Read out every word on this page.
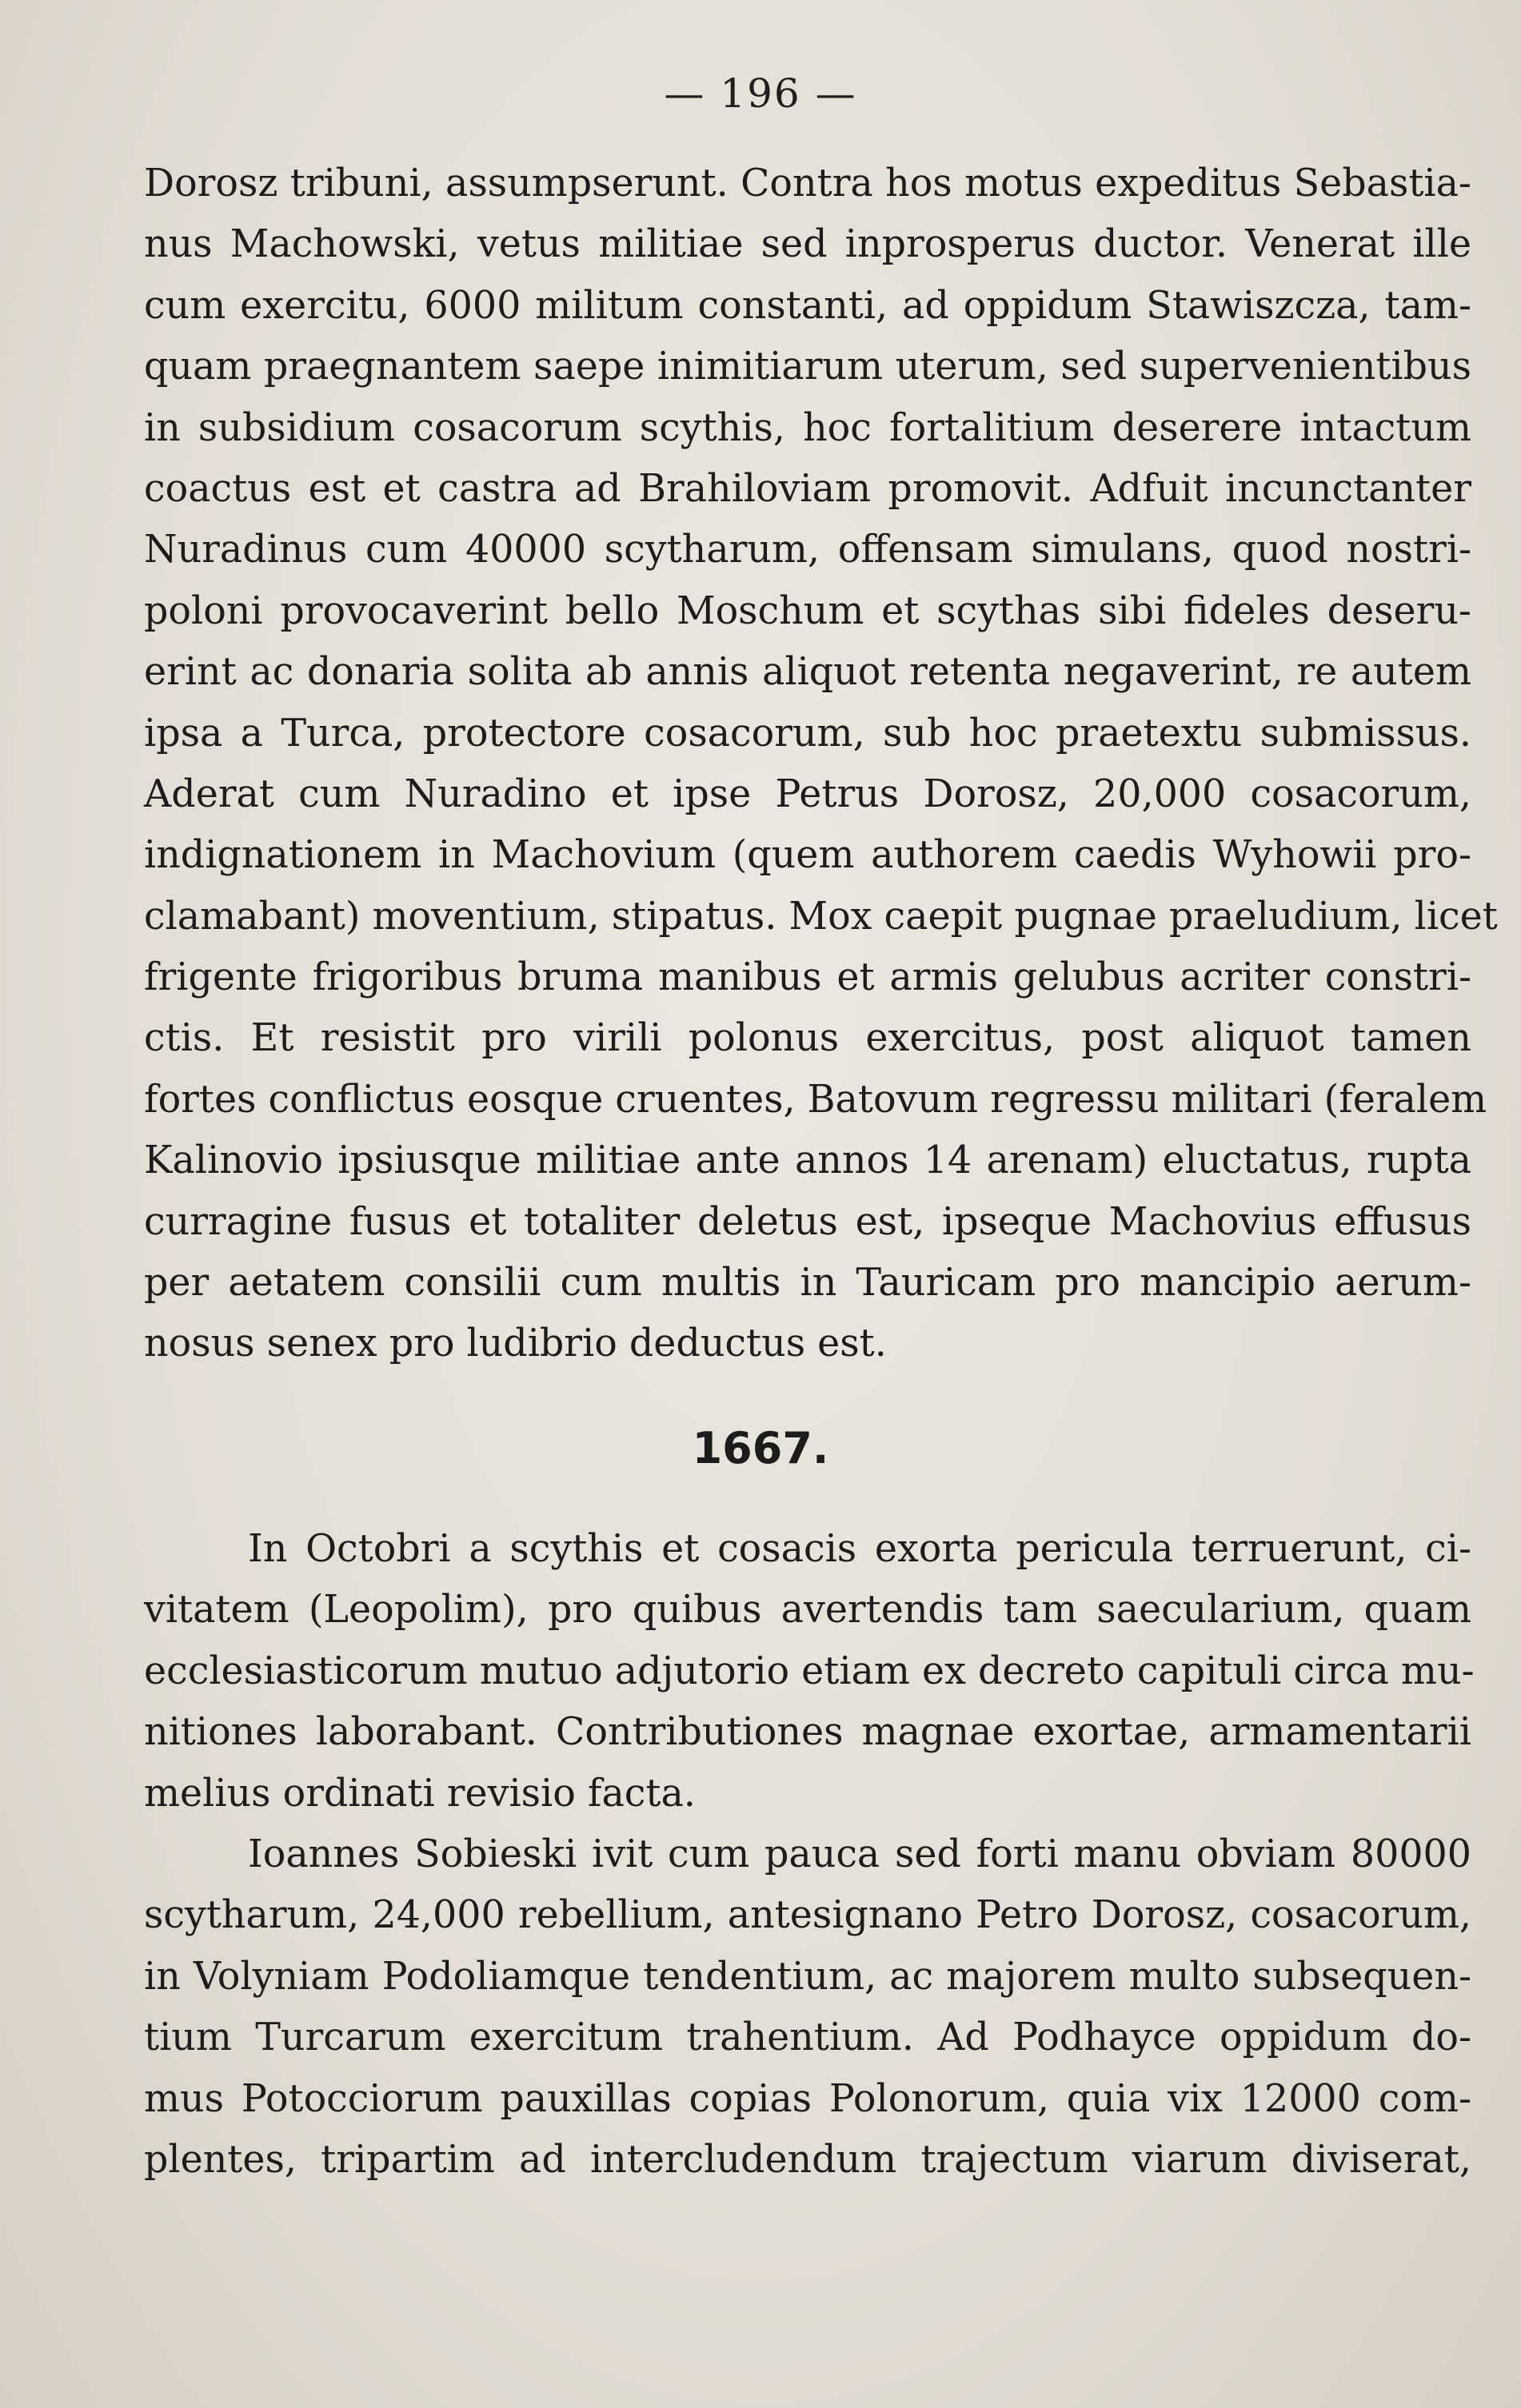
— 196 —
Dorosz tribuni, assumpserunt. Contra hos motus expeditus Sebastia-
nus Machowski, vetus militiae sed inprosperus ductor. Venerat ille
cum exercitu, 6000 militum constanti, ad oppidum Stawiszcza, tam-
quam praegnantem saepe inimitiarum uterum, sed supervenientibus
in subsidium cosacorum scythis, hoc fortalitium deserere intactum
coactus est et castra ad Brahiloviam promovit. Adfuit incunctanter
Nuradinus cum 40000 scytharum, offensam simulans, quod nostri-
poloni provocaverint bello Moschum et scythas sibi fideles deseru-
erint ac donaria solita ab annis aliquot retenta negaverint, re autem
ipsa a Turca, protectore cosacorum, sub hoc praetextu submissus.
Aderat cum Nuradino et ipse Petrus Dorosz, 20,000 cosacorum,
indignationem in Machovium (quem authorem caedis Wyhowii pro-
clamabant) moventium, stipatus. Mox caepit pugnae praeludium, licet
frigente frigoribus bruma manibus et armis gelubus acriter constri-
ctis. Et resistit pro virili polonus exercitus, post aliquot tamen
fortes conflictus eosque cruentes, Batovum regressu militari (feralem
Kalinovio ipsiusque militiae ante annos 14 arenam) eluctatus, rupta
curragine fusus et totaliter deletus est, ipseque Machovius effusus
per aetatem consilii cum multis in Tauricam pro mancipio aerum-
nosus senex pro ludibrio deductus est.
1667.
In Octobri a scythis et cosacis exorta pericula terruerunt, ci-
vitatem (Leopolim), pro quibus avertendis tam saecularium, quam
ecclesiasticorum mutuo adjutorio etiam ex decreto capituli circa mu-
nitiones laborabant. Contributiones magnae exortae, armamentarii
melius ordinati revisio facta.
Ioannes Sobieski ivit cum pauca sed forti manu obviam 80000
scytharum, 24,000 rebellium, antesignano Petro Dorosz, cosacorum,
in Volyniam Podoliamque tendentium, ac majorem multo subsequen-
tium Turcarum exercitum trahentium. Ad Podhayce oppidum do-
mus Potocciorum pauxillas copias Polonorum, quia vix 12000 com-
plentes, tripartim ad intercludendum trajectum viarum diviserat,
